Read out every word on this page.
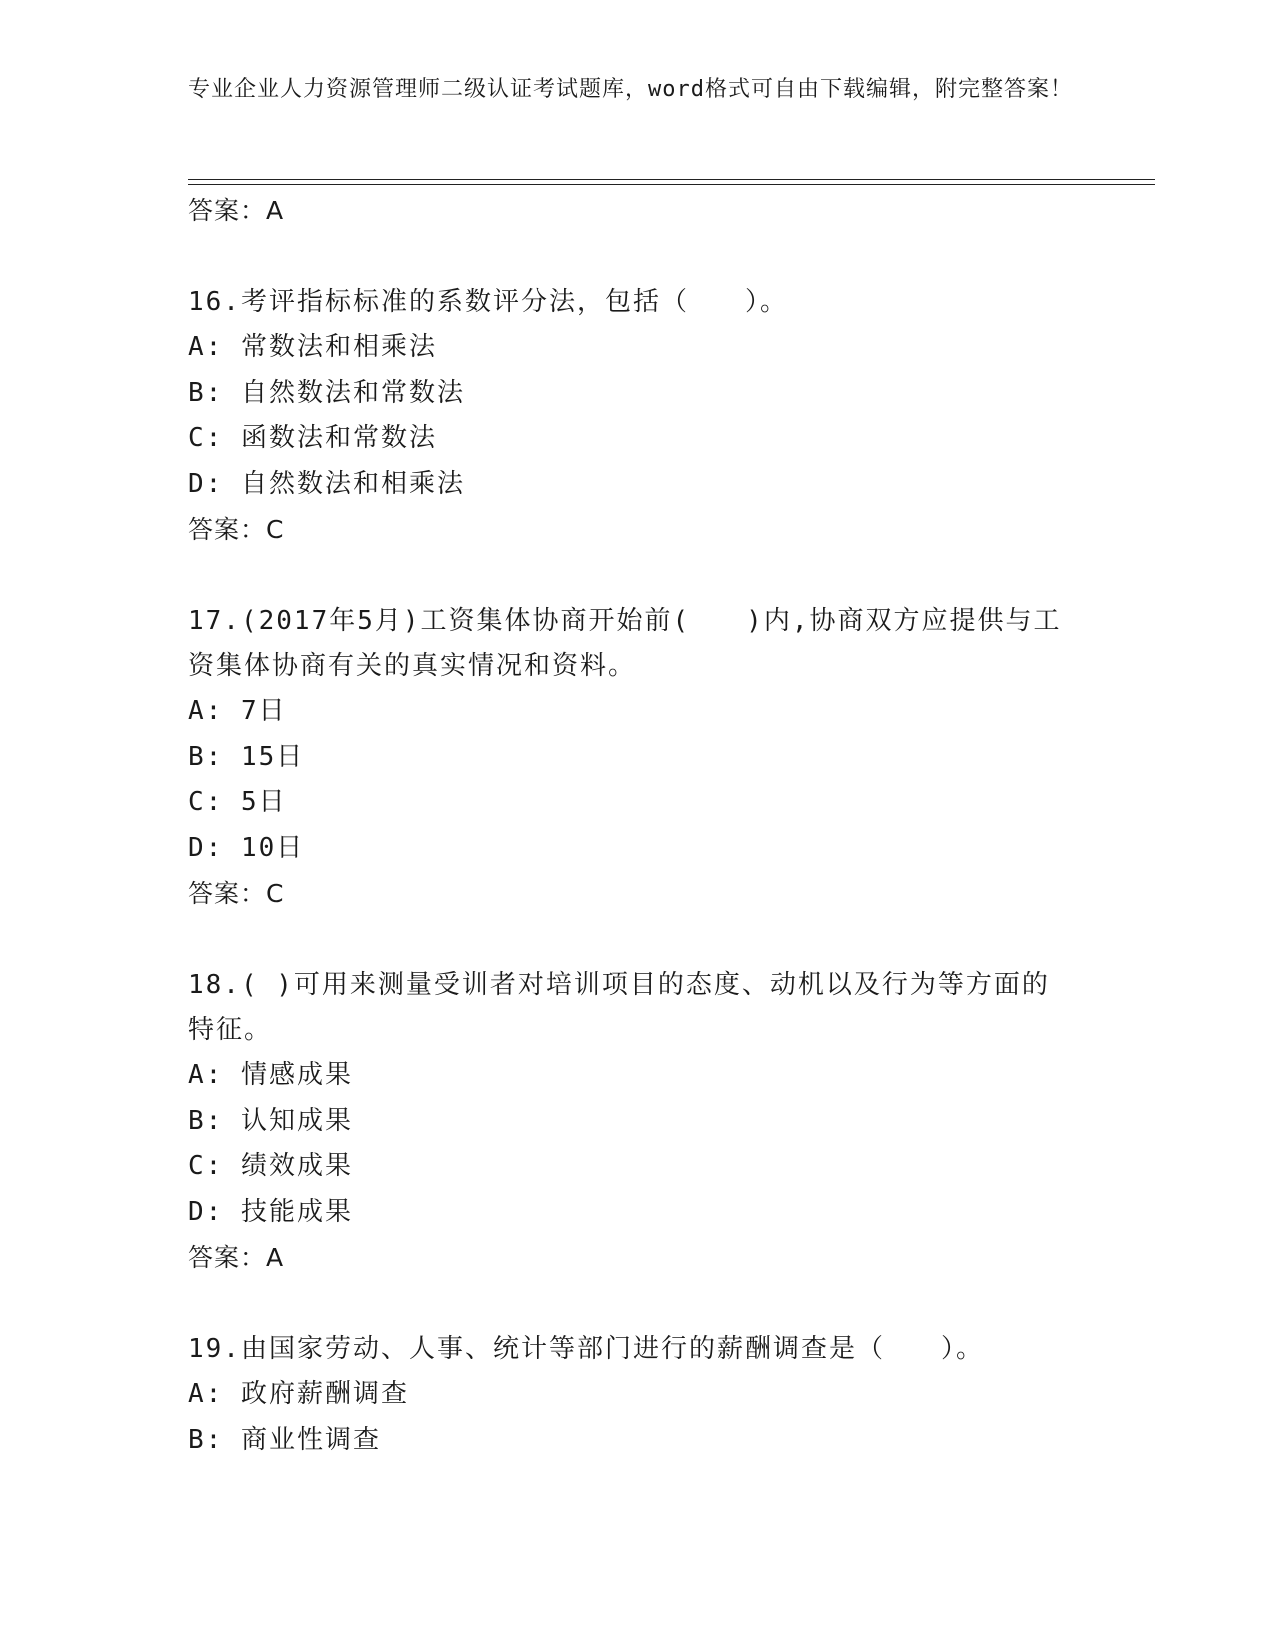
专业企业人力资源管理师二级认证考试题库，word格式可自由下载编辑，附完整答案！
答案：A
16.考评指标标准的系数评分法，包括（　　）。
A: 常数法和相乘法
B: 自然数法和常数法
C: 函数法和常数法
D: 自然数法和相乘法
答案：C
17.(2017年5月)工资集体协商开始前(　　)内,协商双方应提供与工资集体协商有关的真实情况和资料。
A: 7日
B: 15日
C: 5日
D: 10日
答案：C
18.( )可用来测量受训者对培训项目的态度、动机以及行为等方面的特征。
A: 情感成果
B: 认知成果
C: 绩效成果
D: 技能成果
答案：A
19.由国家劳动、人事、统计等部门进行的薪酬调查是（　　）。
A: 政府薪酬调查
B: 商业性调查
